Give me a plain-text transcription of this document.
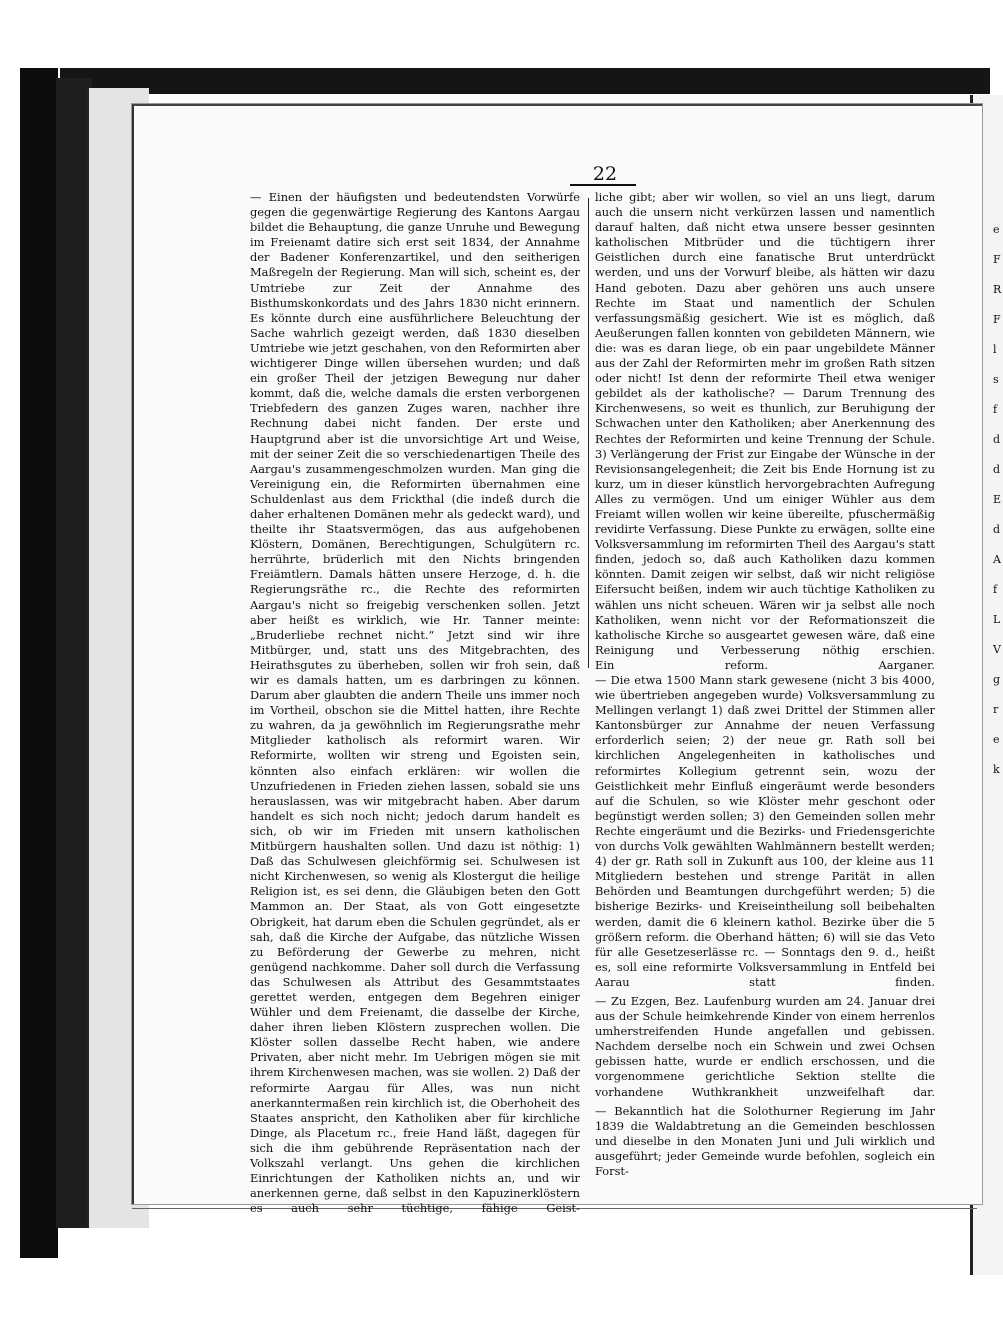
e
F
R
F
l
s
f
d
d
E
d
A
f
L
V
g
r
e
k
22

— Einen der häufigsten und bedeutendsten Vorwürfe gegen die gegenwärtige Regierung des Kantons Aargau bildet die Behauptung, die ganze Unruhe und Bewegung im Freienamt datire sich erst seit 1834, der Annahme der Badener Konferenzartikel, und den seitherigen Maßregeln der Regierung. Man will sich, scheint es, der Umtriebe zur Zeit der Annahme des Bisthumskonkordats und des Jahrs 1830 nicht erinnern. Es könnte durch eine ausführlichere Beleuchtung der Sache wahrlich gezeigt werden, daß 1830 dieselben Umtriebe wie jetzt geschahen, von den Reformirten aber wichtigerer Dinge willen übersehen wurden; und daß ein großer Theil der jetzigen Bewegung nur daher kommt, daß die, welche damals die ersten verborgenen Triebfedern des ganzen Zuges waren, nachher ihre Rechnung dabei nicht fanden. Der erste und Hauptgrund aber ist die unvorsichtige Art und Weise, mit der seiner Zeit die so verschiedenartigen Theile des Aargau's zusammengeschmolzen wurden. Man ging die Vereinigung ein, die Reformirten übernahmen eine Schuldenlast aus dem Frickthal (die indeß durch die daher erhaltenen Domänen mehr als gedeckt ward), und theilte ihr Staatsvermögen, das aus aufgehobenen Klöstern, Domänen, Berechtigungen, Schulgütern rc. herrührte, brüderlich mit den Nichts bringenden Freiämtlern. Damals hätten unsere Herzoge, d. h. die Regierungsräthe rc., die Rechte des reformirten Aargau's nicht so freigebig verschenken sollen. Jetzt aber heißt es wirklich, wie Hr. Tanner meinte: „Bruderliebe rechnet nicht.“ Jetzt sind wir ihre Mitbürger, und, statt uns des Mitgebrachten, des Heirathsgutes zu überheben, sollen wir froh sein, daß wir es damals hatten, um es darbringen zu können. Darum aber glaubten die andern Theile uns immer noch im Vortheil, obschon sie die Mittel hatten, ihre Rechte zu wahren, da ja gewöhnlich im Regierungsrathe mehr Mitglieder katholisch als reformirt waren. Wir Reformirte, wollten wir streng und Egoisten sein, könnten also einfach erklären: wir wollen die Unzufriedenen in Frieden ziehen lassen, sobald sie uns herauslassen, was wir mitgebracht haben. Aber darum handelt es sich noch nicht; jedoch darum handelt es sich, ob wir im Frieden mit unsern katholischen Mitbürgern haushalten sollen. Und dazu ist nöthig: 1) Daß das Schulwesen gleichförmig sei. Schulwesen ist nicht Kirchenwesen, so wenig als Klostergut die heilige Religion ist, es sei denn, die Gläubigen beten den Gott Mammon an. Der Staat, als von Gott eingesetzte Obrigkeit, hat darum eben die Schulen gegründet, als er sah, daß die Kirche der Aufgabe, das nützliche Wissen zu Beförderung der Gewerbe zu mehren, nicht genügend nachkomme. Daher soll durch die Verfassung das Schulwesen als Attribut des Gesammtstaates gerettet werden, entgegen dem Begehren einiger Wühler und dem Freienamt, die dasselbe der Kirche, daher ihren lieben Klöstern zusprechen wollen. Die Klöster sollen dasselbe Recht haben, wie andere Privaten, aber nicht mehr. Im Uebrigen mögen sie mit ihrem Kirchenwesen machen, was sie wollen. 2) Daß der reformirte Aargau für Alles, was nun nicht anerkanntermaßen rein kirchlich ist, die Oberhoheit des Staates anspricht, den Katholiken aber für kirchliche Dinge, als Placetum rc., freie Hand läßt, dagegen für sich die ihm gebührende Repräsentation nach der Volkszahl verlangt. Uns gehen die kirchlichen Einrichtungen der Katholiken nichts an, und wir anerkennen gerne, daß selbst in den Kapuzinerklöstern es auch sehr tüchtige, fähige Geist-

liche gibt; aber wir wollen, so viel an uns liegt, darum auch die unsern nicht verkürzen lassen und namentlich darauf halten, daß nicht etwa unsere besser gesinnten katholischen Mitbrüder und die tüchtigern ihrer Geistlichen durch eine fanatische Brut unterdrückt werden, und uns der Vorwurf bleibe, als hätten wir dazu Hand geboten. Dazu aber gehören uns auch unsere Rechte im Staat und namentlich der Schulen verfassungsmäßig gesichert. Wie ist es möglich, daß Aeußerungen fallen konnten von gebildeten Männern, wie die: was es daran liege, ob ein paar ungebildete Männer aus der Zahl der Reformirten mehr im großen Rath sitzen oder nicht! Ist denn der reformirte Theil etwa weniger gebildet als der katholische? — Darum Trennung des Kirchenwesens, so weit es thunlich, zur Beruhigung der Schwachen unter den Katholiken; aber Anerkennung des Rechtes der Reformirten und keine Trennung der Schule. 3) Verlängerung der Frist zur Eingabe der Wünsche in der Revisionsangelegenheit; die Zeit bis Ende Hornung ist zu kurz, um in dieser künstlich hervorgebrachten Aufregung Alles zu vermögen. Und um einiger Wühler aus dem Freiamt willen wollen wir keine übereilte, pfuschermäßig revidirte Verfassung. Diese Punkte zu erwägen, sollte eine Volksversammlung im reformirten Theil des Aargau's statt finden, jedoch so, daß auch Katholiken dazu kommen könnten. Damit zeigen wir selbst, daß wir nicht religiöse Eifersucht beißen, indem wir auch tüchtige Katholiken zu wählen uns nicht scheuen. Wären wir ja selbst alle noch Katholiken, wenn nicht vor der Reformationszeit die katholische Kirche so ausgeartet gewesen wäre, daß eine Reinigung und Verbesserung nöthig erschien.

Ein reform. Aarganer.

— Die etwa 1500 Mann stark gewesene (nicht 3 bis 4000, wie übertrieben angegeben wurde) Volksversammlung zu Mellingen verlangt 1) daß zwei Drittel der Stimmen aller Kantonsbürger zur Annahme der neuen Verfassung erforderlich seien; 2) der neue gr. Rath soll bei kirchlichen Angelegenheiten in katholisches und reformirtes Kollegium getrennt sein, wozu der Geistlichkeit mehr Einfluß eingeräumt werde besonders auf die Schulen, so wie Klöster mehr geschont oder begünstigt werden sollen; 3) den Gemeinden sollen mehr Rechte eingeräumt und die Bezirks- und Friedensgerichte von durchs Volk gewählten Wahlmännern bestellt werden; 4) der gr. Rath soll in Zukunft aus 100, der kleine aus 11 Mitgliedern bestehen und strenge Parität in allen Behörden und Beamtungen durchgeführt werden; 5) die bisherige Bezirks- und Kreiseintheilung soll beibehalten werden, damit die 6 kleinern kathol. Bezirke über die 5 größern reform. die Oberhand hätten; 6) will sie das Veto für alle Gesetzeserlässe rc. — Sonntags den 9. d., heißt es, soll eine reformirte Volksversammlung in Entfeld bei Aarau statt finden.

— Zu Ezgen, Bez. Laufenburg wurden am 24. Januar drei aus der Schule heimkehrende Kinder von einem herrenlos umherstreifenden Hunde angefallen und gebissen. Nachdem derselbe noch ein Schwein und zwei Ochsen gebissen hatte, wurde er endlich erschossen, und die vorgenommene gerichtliche Sektion stellte die vorhandene Wuthkrankheit unzweifelhaft dar.

— Bekanntlich hat die Solothurner Regierung im Jahr 1839 die Waldabtretung an die Gemeinden beschlossen und dieselbe in den Monaten Juni und Juli wirklich und ausgeführt; jeder Gemeinde wurde befohlen, sogleich ein Forst-
